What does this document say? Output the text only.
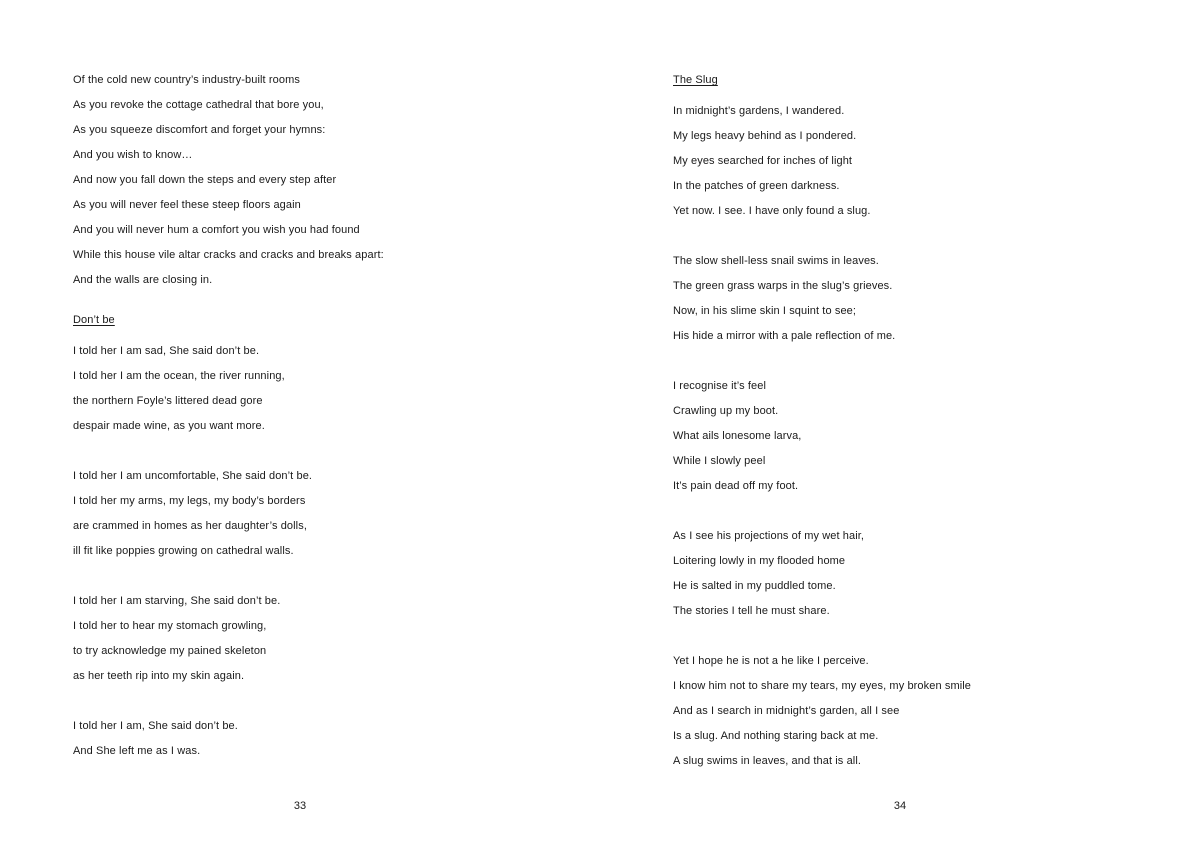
Of the cold new country’s industry-built rooms
As you revoke the cottage cathedral that bore you,
As you squeeze discomfort and forget your hymns:
And you wish to know…
And now you fall down the steps and every step after
As you will never feel these steep floors again
And you will never hum a comfort you wish you had found
While this house vile altar cracks and cracks and breaks apart:
And the walls are closing in.
Don’t be
I told her I am sad, She said don’t be.
I told her I am the ocean, the river running,
the northern Foyle’s littered dead gore
despair made wine, as you want more.
I told her I am uncomfortable, She said don’t be.
I told her my arms, my legs, my body’s borders
are crammed in homes as her daughter’s dolls,
ill fit like poppies growing on cathedral walls.
I told her I am starving, She said don’t be.
I told her to hear my stomach growling,
to try acknowledge my pained skeleton
as her teeth rip into my skin again.
I told her I am, She said don’t be.
And She left me as I was.
33
The Slug
In midnight’s gardens, I wandered.
My legs heavy behind as I pondered.
My eyes searched for inches of light
In the patches of green darkness.
Yet now. I see. I have only found a slug.
The slow shell-less snail swims in leaves.
The green grass warps in the slug’s grieves.
Now, in his slime skin I squint to see;
His hide a mirror with a pale reflection of me.
I recognise it’s feel
Crawling up my boot.
What ails lonesome larva,
While I slowly peel
It’s pain dead off my foot.
As I see his projections of my wet hair,
Loitering lowly in my flooded home
He is salted in my puddled tome.
The stories I tell he must share.
Yet I hope he is not a he like I perceive.
I know him not to share my tears, my eyes, my broken smile
And as I search in midnight’s garden, all I see
Is a slug. And nothing staring back at me.
A slug swims in leaves, and that is all.
34
